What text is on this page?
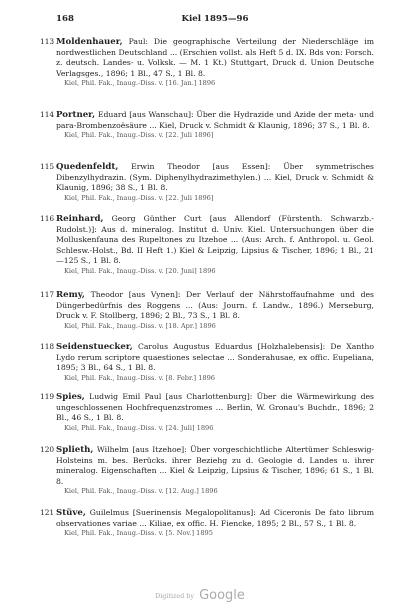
168	Kiel 1895—96
113 Moldenhauer, Paul: Die geographische Verteilung der Niederschläge im nordwestlichen Deutschland ... (Erschien vollst. als Heft 5 d. IX. Bds von: Forsch. z. deutsch. Landes- u. Volksk. — M. 1 Kt.) Stuttgart, Druck d. Union Deutsche Verlagsges., 1896; 1 Bl., 47 S., 1 Bl. 8.
Kiel, Phil. Fak., Inaug.-Diss. v. [16. Jan.] 1896
114 Portner, Eduard [aus Wanschau]: Über die Hydrazide und Azide der meta- und para-Brombenzoësäure ... Kiel, Druck v. Schmidt & Klaunig, 1896; 37 S., 1 Bl. 8.
Kiel, Phil. Fak., Inaug.-Diss. v. [22. Juli 1896]
115 Quedenfeldt, Erwin Theodor [aus Essen]: Über symmetrisches Dibenzylhydrazin. (Sym. Diphenylhydrazimethylen.) ... Kiel, Druck v. Schmidt & Klaunig, 1896; 38 S., 1 Bl. 8.
Kiel, Phil. Fak., Inaug.-Diss. v. [22. Juli 1896]
116 Reinhard, Georg Günther Curt [aus Allendorf (Fürstenth. Schwarzb.-Rudolst.)]: Aus d. mineralog. Institut d. Univ. Kiel. Untersuchungen über die Molluskenfauna des Rupeltones zu Itzehoe ... (Aus: Arch. f. Anthropol. u. Geol. Schlesw.-Holst., Bd. II Heft 1.) Kiel & Leipzig, Lipsius & Tischer, 1896; 1 Bl., 21—125 S., 1 Bl. 8.
Kiel, Phil. Fak., Inaug.-Diss. v. [20. Juni] 1896
117 Remy, Theodor [aus Vynen]: Der Verlauf der Nährstoffaufnahme und des Düngerbedürfnis des Roggens ... (Aus: Journ. f. Landw., 1896.) Merseburg, Druck v. F. Stollberg, 1896; 2 Bl., 73 S., 1 Bl. 8.
Kiel, Phil. Fak., Inaug.-Diss. v. [18. Apr.] 1896
118 Seidenstuecker, Carolus Augustus Eduardus [Holzhalebensis]: De Xantho Lydo rerum scriptore quaestiones selectae ... Sonderahusae, ex offic. Eupeliana, 1895; 3 Bl., 64 S., 1 Bl. 8.
Kiel, Phil. Fak., Inaug.-Diss. v. [8. Febr.] 1896
119 Spies, Ludwig Emil Paul [aus Charlottenburg]: Über die Wärmewirkung des ungeschlossenen Hochfrequenzstromes ... Berlin, W. Gronau's Buchdr., 1896; 2 Bl., 46 S., 1 Bl. 8.
Kiel, Phil. Fak., Inaug.-Diss. v. [24. Juli] 1896
120 Splieth, Wilhelm [aus Itzehoe]: Über vorgeschichtliche Altertümer Schleswig-Holsteins m. bes. Berücks. ihrer Beziehg zu d. Geologie d. Landes u. ihrer mineralog. Eigenschaften ... Kiel & Leipzig, Lipsius & Tischer, 1896; 61 S., 1 Bl. 8.
Kiel, Phil. Fak., Inaug.-Diss. v. [12. Aug.] 1896
121 Stüve, Guilelmus [Suerinensis Megalopolitanus]: Ad Ciceronis De fato librum observationes variae ... Kiliae, ex offic. H. Fiencke, 1895; 2 Bl., 57 S., 1 Bl. 8.
Kiel, Phil. Fak., Inaug.-Diss. v. [5. Nov.] 1895
Digitized by Google
